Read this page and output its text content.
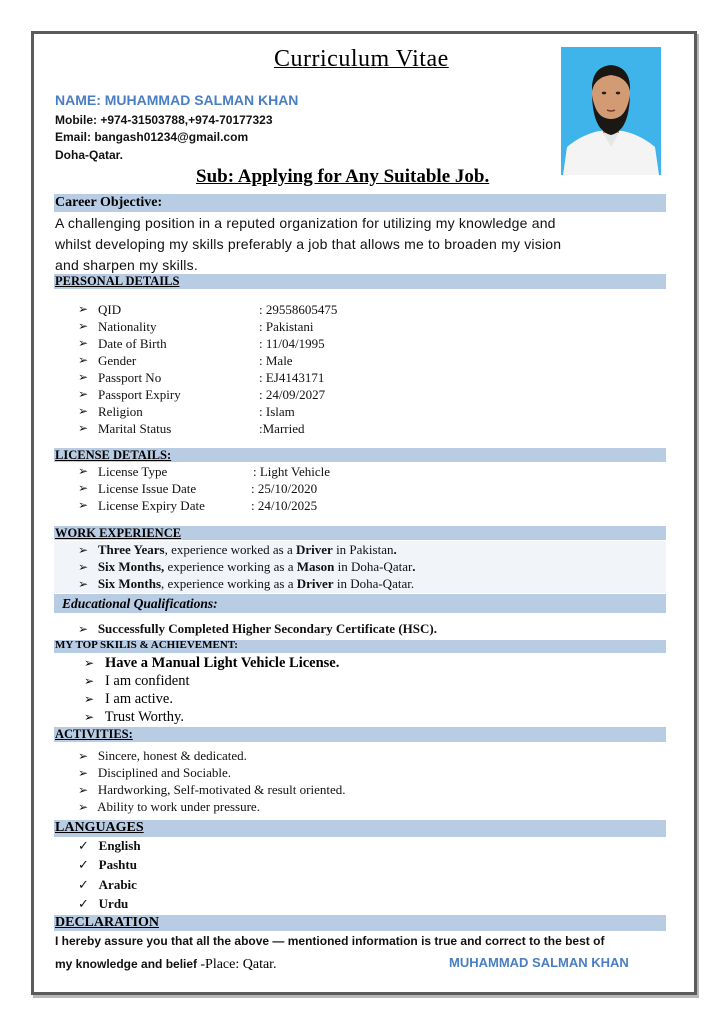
Curriculum Vitae
NAME: MUHAMMAD SALMAN KHAN
Mobile: +974-31503788,+974-70177323
Email: bangash01234@gmail.com
Doha-Qatar.
Sub: Applying for Any Suitable Job.
Career Objective:
A challenging position in a reputed organization for utilizing my knowledge and
whilst developing my skills preferably a job that allows me to broaden my vision
and sharpen my skills.
PERSONAL DETAILS
➢ QID	: 29558605475
➢ Nationality	: Pakistani
➢ Date of Birth	: 11/04/1995
➢ Gender	: Male
➢ Passport No	: EJ4143171
➢ Passport Expiry	: 24/09/2027
➢ Religion	: Islam
➢ Marital Status	:Married
LICENSE DETAILS:
➢ License Type	: Light Vehicle
➢ License Issue Date	: 25/10/2020
➢ License Expiry Date	: 24/10/2025
WORK EXPERIENCE
➢ Three Years, experience worked as a Driver in Pakistan.
➢ Six Months, experience working as a Mason in Doha-Qatar.
➢ Six Months, experience working as a Driver in Doha-Qatar.
Educational Qualifications:
➢ Successfully Completed Higher Secondary Certificate (HSC).
MY TOP SKILIS & ACHIEVEMENT:
➢ Have a Manual Light Vehicle License.
➢ I am confident
➢ I am active.
➢ Trust Worthy.
ACTIVITIES:
➢ Sincere, honest & dedicated.
➢ Disciplined and Sociable.
➢ Hardworking, Self-motivated & result oriented.
➢ Ability to work under pressure.
LANGUAGES
✓ English
✓ Pashtu
✓ Arabic
✓ Urdu
DECLARATION
I hereby assure you that all the above — mentioned information is true and correct to the best of
my knowledge and belief -Place: Qatar.	MUHAMMAD SALMAN KHAN
